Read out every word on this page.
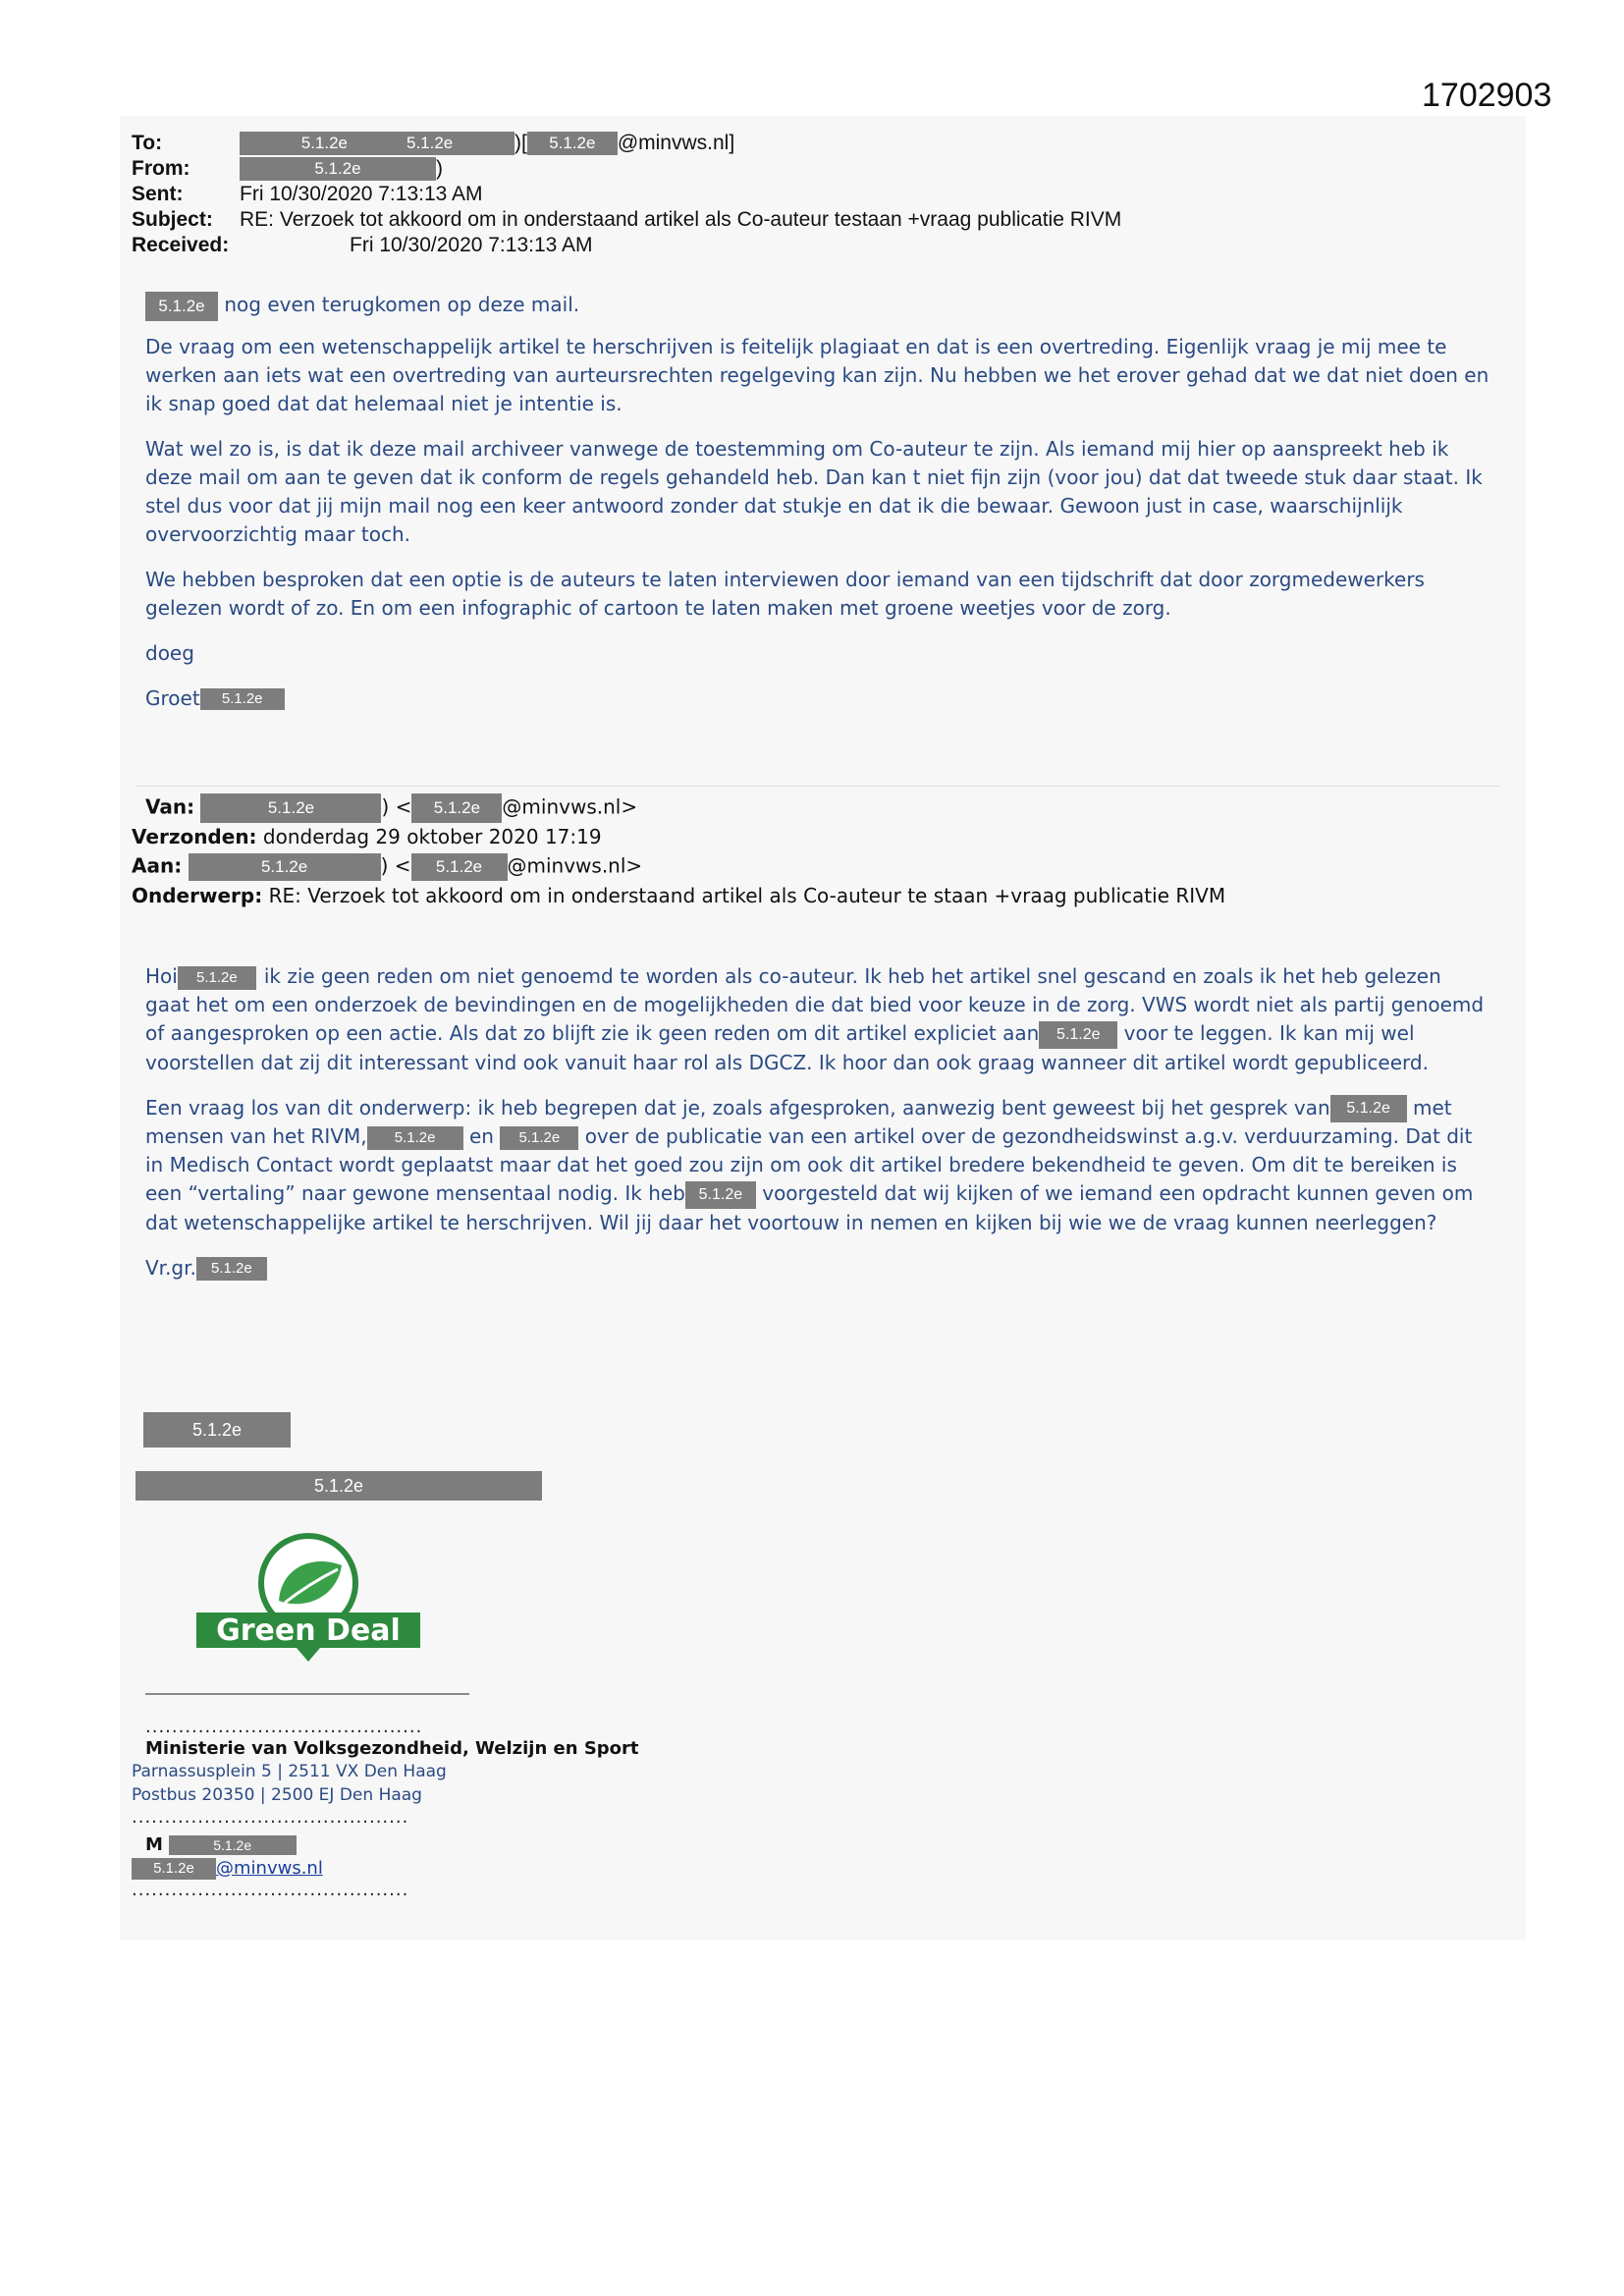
1702903
To:	5.1.2e	5.1.2e	)[ 5.1.2e @minvws.nl]
From:	5.1.2e	)
Sent:	Fri 10/30/2020 7:13:13 AM
Subject: RE: Verzoek tot akkoord om in onderstaand artikel als Co-auteur testaan +vraag publicatie RIVM
Received:	Fri 10/30/2020 7:13:13 AM

5.1.2e nog even terugkomen op deze mail.

De vraag om een wetenschappelijk artikel te herschrijven is feitelijk plagiaat en dat is een overtreding. Eigenlijk vraag je mij mee te werken aan iets wat een overtreding van aurteursrechten regelgeving kan zijn. Nu hebben we het erover gehad dat we dat niet doen en ik snap goed dat dat helemaal niet je intentie is.

Wat wel zo is, is dat ik deze mail archiveer vanwege de toestemming om Co-auteur te zijn. Als iemand mij hier op aanspreekt heb ik deze mail om aan te geven dat ik conform de regels gehandeld heb. Dan kan t niet fijn zijn (voor jou) dat dat tweede stuk daar staat. Ik stel dus voor dat jij mijn mail nog een keer antwoord zonder dat stukje en dat ik die bewaar. Gewoon just in case, waarschijnlijk overvoorzichtig maar toch.

We hebben besproken dat een optie is de auteurs te laten interviewen door iemand van een tijdschrift dat door zorgmedewerkers gelezen wordt of zo. En om een infographic of cartoon te laten maken met groene weetjes voor de zorg.

doeg

Groet 5.1.2e

Van:	5.1.2e	) < 5.1.2e @minvws.nl>
Verzonden: donderdag 29 oktober 2020 17:19
Aan:	5.1.2e	) < 5.1.2e @minvws.nl>
Onderwerp: RE: Verzoek tot akkoord om in onderstaand artikel als Co-auteur te staan +vraag publicatie RIVM

Hoi 5.1.2e ik zie geen reden om niet genoemd te worden als co-auteur. Ik heb het artikel snel gescand en zoals ik het heb gelezen gaat het om een onderzoek de bevindingen en de mogelijkheden die dat bied voor keuze in de zorg. VWS wordt niet als partij genoemd of aangesproken op een actie. Als dat zo blijft zie ik geen reden om dit artikel expliciet aan 5.1.2e voor te leggen. Ik kan mij wel voorstellen dat zij dit interessant vind ook vanuit haar rol als DGCZ. Ik hoor dan ook graag wanneer dit artikel wordt gepubliceerd.

Een vraag los van dit onderwerp: ik heb begrepen dat je, zoals afgesproken, aanwezig bent geweest bij het gesprek van 5.1.2e met mensen van het RIVM, 5.1.2e en 5.1.2e over de publicatie van een artikel over de gezondheidswinst a.g.v. verduurzaming. Dat dit in Medisch Contact wordt geplaatst maar dat het goed zou zijn om ook dit artikel bredere bekendheid te geven. Om dit te bereiken is een “vertaling” naar gewone mensentaal nodig. Ik heb 5.1.2e voorgesteld dat wij kijken of we iemand een opdracht kunnen geven om dat wetenschappelijke artikel te herschrijven. Wil jij daar het voortouw in nemen en kijken bij wie we de vraag kunnen neerleggen?

Vr.gr. 5.1.2e

5.1.2e
5.1.2e
Green Deal
..........................................
Ministerie van Volksgezondheid, Welzijn en Sport
Parnassusplein 5 | 2511 VX Den Haag
Postbus 20350 | 2500 EJ Den Haag
..........................................
M	5.1.2e
5.1.2e @minvws.nl
..........................................
